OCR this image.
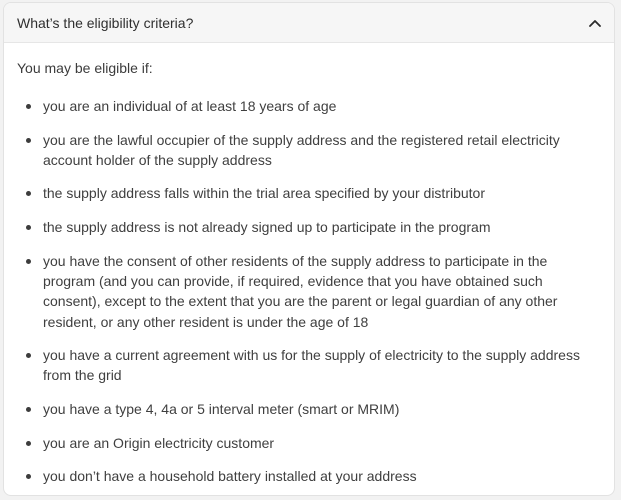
What’s the eligibility criteria?

You may be eligible if:

you are an individual of at least 18 years of age
you are the lawful occupier of the supply address and the registered retail electricity account holder of the supply address
the supply address falls within the trial area specified by your distributor
the supply address is not already signed up to participate in the program
you have the consent of other residents of the supply address to participate in the program (and you can provide, if required, evidence that you have obtained such consent), except to the extent that you are the parent or legal guardian of any other resident, or any other resident is under the age of 18
you have a current agreement with us for the supply of electricity to the supply address from the grid
you have a type 4, 4a or 5 interval meter (smart or MRIM)
you are an Origin electricity customer
you don’t have a household battery installed at your address
